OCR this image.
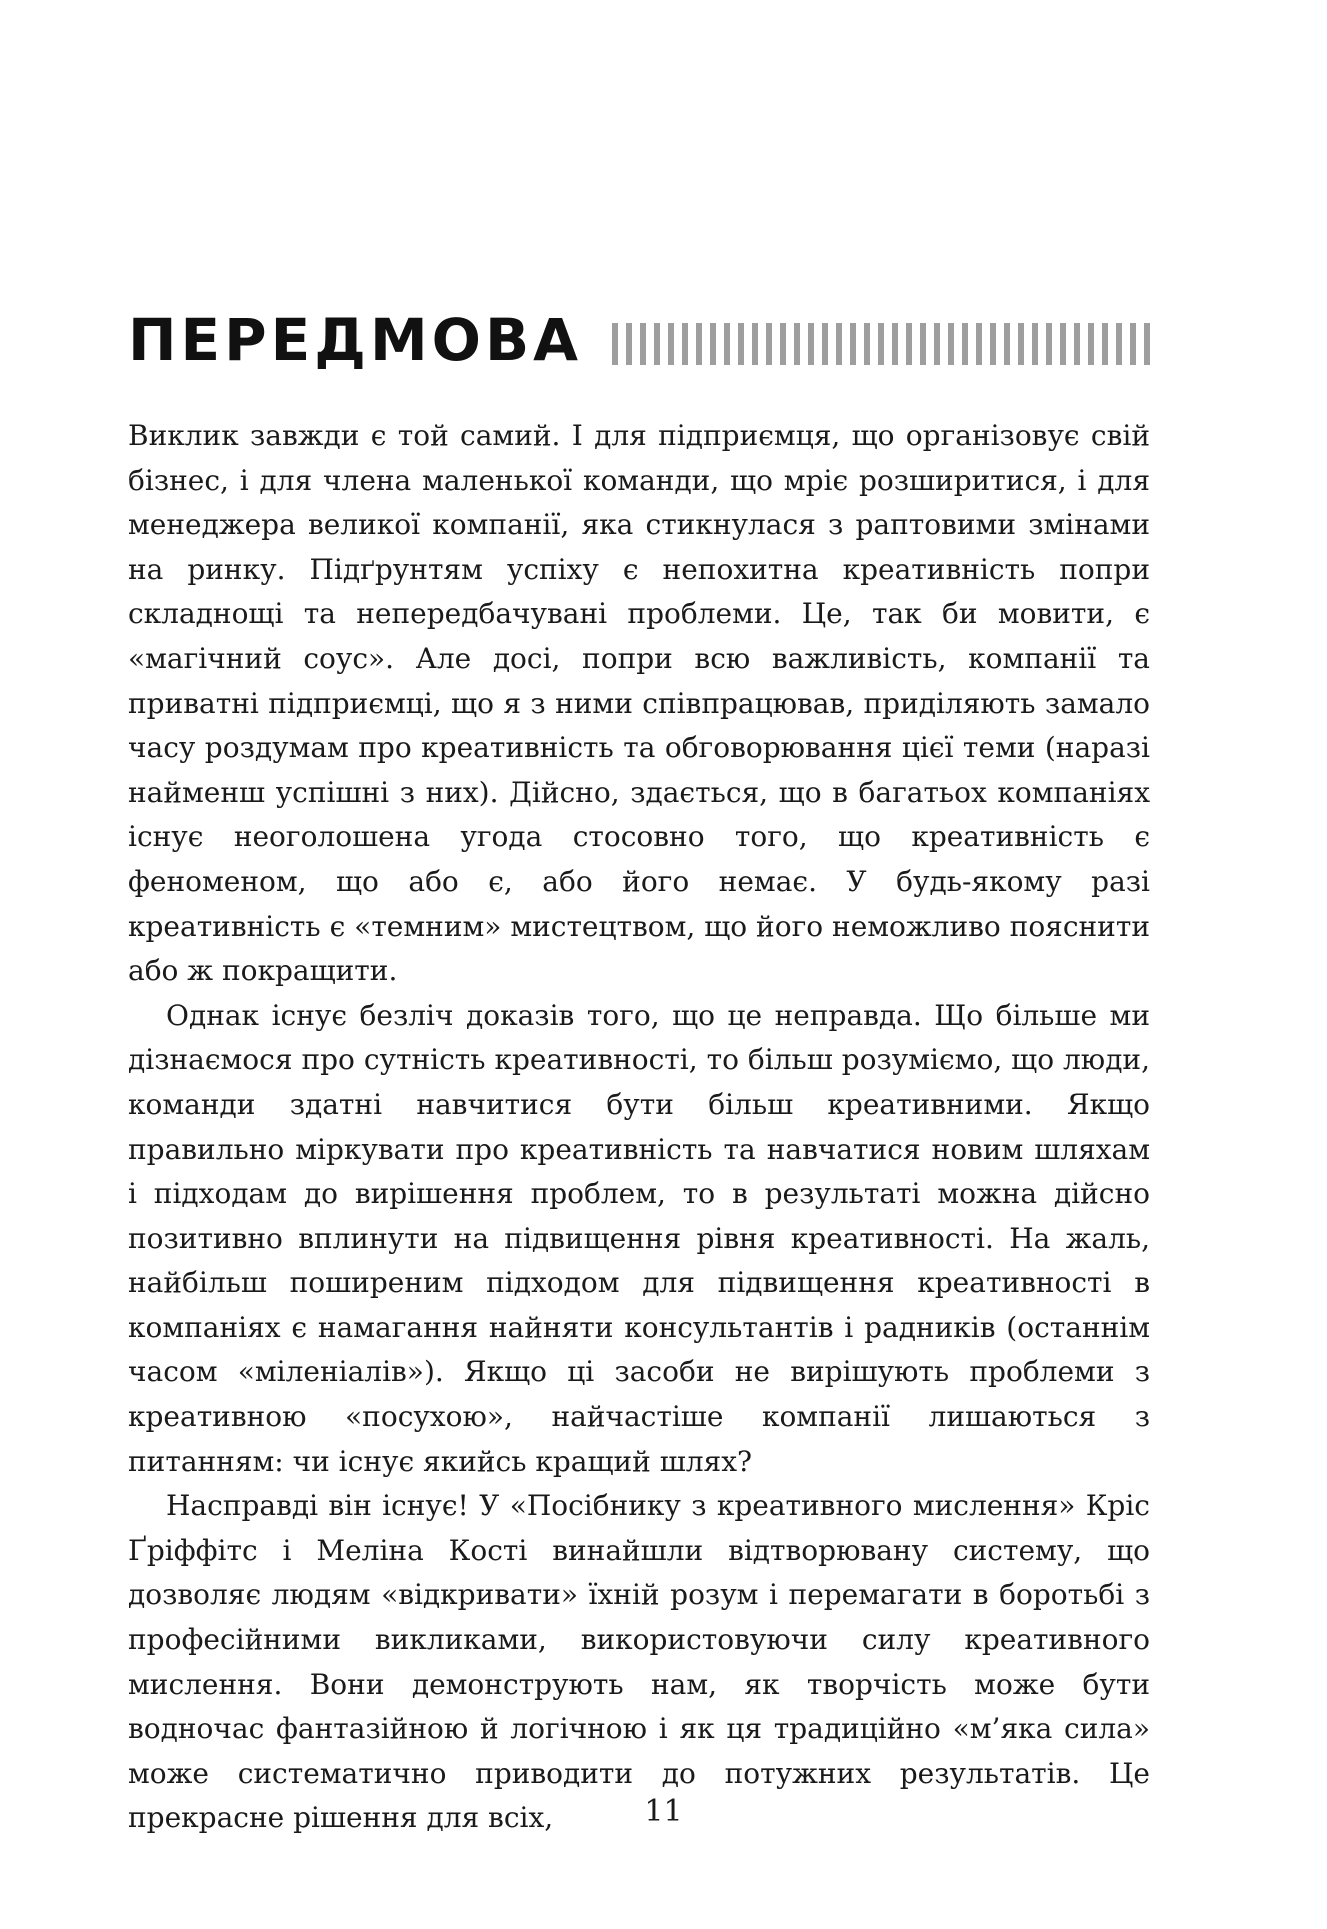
ПЕРЕДМОВА

Виклик завжди є той самий. І для підприємця, що організовує свій бізнес, і для члена маленької команди, що мріє розширитися, і для менеджера великої компанії, яка стикнулася з раптовими змінами на ринку. Підґрунтям успіху є непохитна креативність попри складнощі та непередбачувані проблеми. Це, так би мовити, є «магічний соус». Але досі, попри всю важливість, компанії та приватні підприємці, що я з ними співпрацював, приділяють замало часу роздумам про креативність та обговорювання цієї теми (наразі найменш успішні з них). Дійсно, здається, що в багатьох компаніях існує неоголошена угода стосовно того, що креативність є феноменом, що або є, або його немає. У будь-якому разі креативність є «темним» мистецтвом, що його неможливо пояснити або ж покращити.

Однак існує безліч доказів того, що це неправда. Що більше ми дізнаємося про сутність креативності, то більш розуміємо, що люди, команди здатні навчитися бути більш креативними. Якщо правильно міркувати про креативність та навчатися новим шляхам і підходам до вирішення проблем, то в результаті можна дійсно позитивно вплинути на підвищення рівня креативності. На жаль, найбільш поширеним підходом для підвищення креативності в компаніях є намагання найняти консультантів і радників (останнім часом «міленіалів»). Якщо ці засоби не вирішують проблеми з креативною «посухою», найчастіше компанії лишаються з питанням: чи існує якийсь кращий шлях?

Насправді він існує! У «Посібнику з креативного мислення» Кріс Ґріффітс і Меліна Кості винайшли відтворювану систему, що дозволяє людям «відкривати» їхній розум і перемагати в боротьбі з професійними викликами, використовуючи силу креативного мислення. Вони демонструють нам, як творчість може бути водночас фантазійною й логічною і як ця традиційно «м’яка сила» може систематично приводити до потужних результатів. Це прекрасне рішення для всіх,	11
